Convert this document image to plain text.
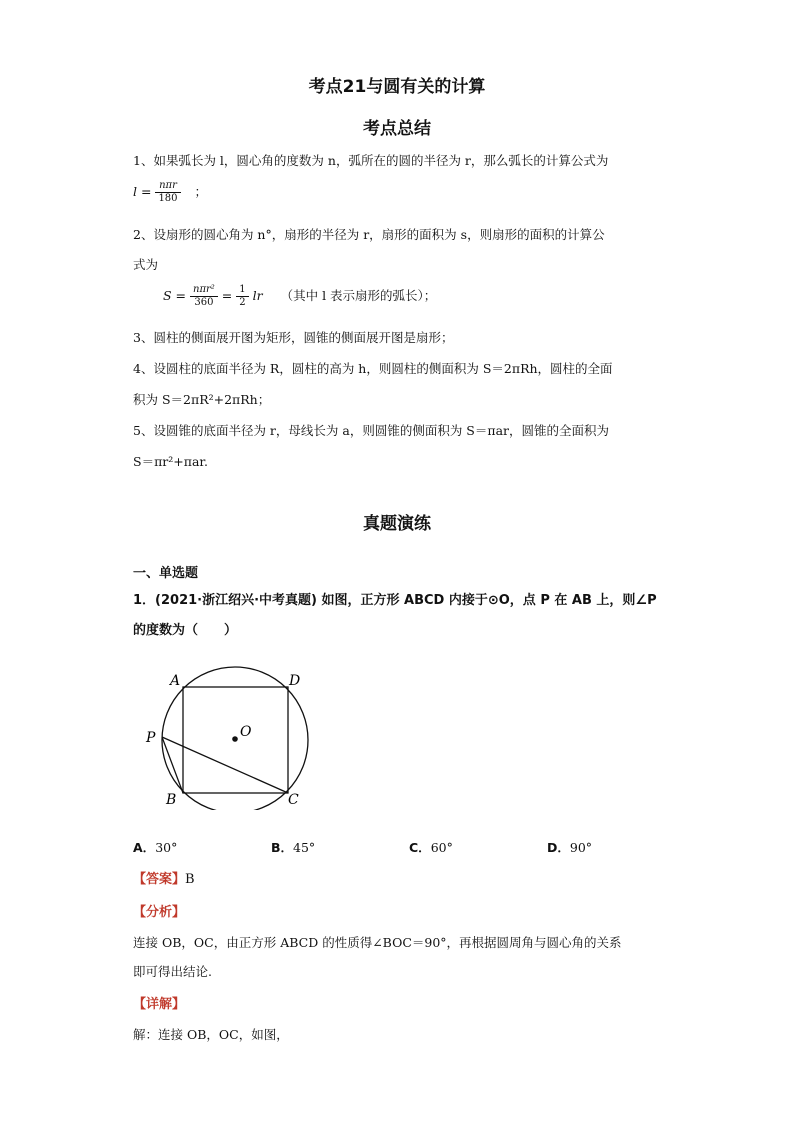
考点21与圆有关的计算
考点总结
1、如果弧长为 l，圆心角的度数为 n，弧所在的圆的半径为 r，那么弧长的计算公式为
$l = \frac{\text{nπr}}{180}$ ；
2、设扇形的圆心角为 n°，扇形的半径为 r，扇形的面积为 s，则扇形的面积的计算公
式为
$S = \frac{\text{nπr²}}{360} = \frac{1}{2}$ lr （其中 l 表示扇形的弧长）；
3、圆柱的侧面展开图为矩形，圆锥的侧面展开图是扇形；
4、设圆柱的底面半径为 R，圆柱的高为 h，则圆柱的侧面积为 S＝2πRh，圆柱的全面
积为 S＝2πR²+2πRh；
5、设圆锥的底面半径为 r，母线长为 a，则圆锥的侧面积为 S＝πar，圆锥的全面积为
S＝πr²+πar.
真题演练
一、单选题
1．(2021·浙江绍兴·中考真题) 如图，正方形 ABCD 内接于⊙O，点 P 在 AB 上，则∠P
的度数为（　　）
A	D
O
P
B	C
A．30°	B．45°	C．60°	D．90°
【答案】B
【分析】
连接 OB，OC，由正方形 ABCD 的性质得∠BOC＝90°，再根据圆周角与圆心角的关系
即可得出结论.
【详解】
解：连接 OB，OC，如图，
